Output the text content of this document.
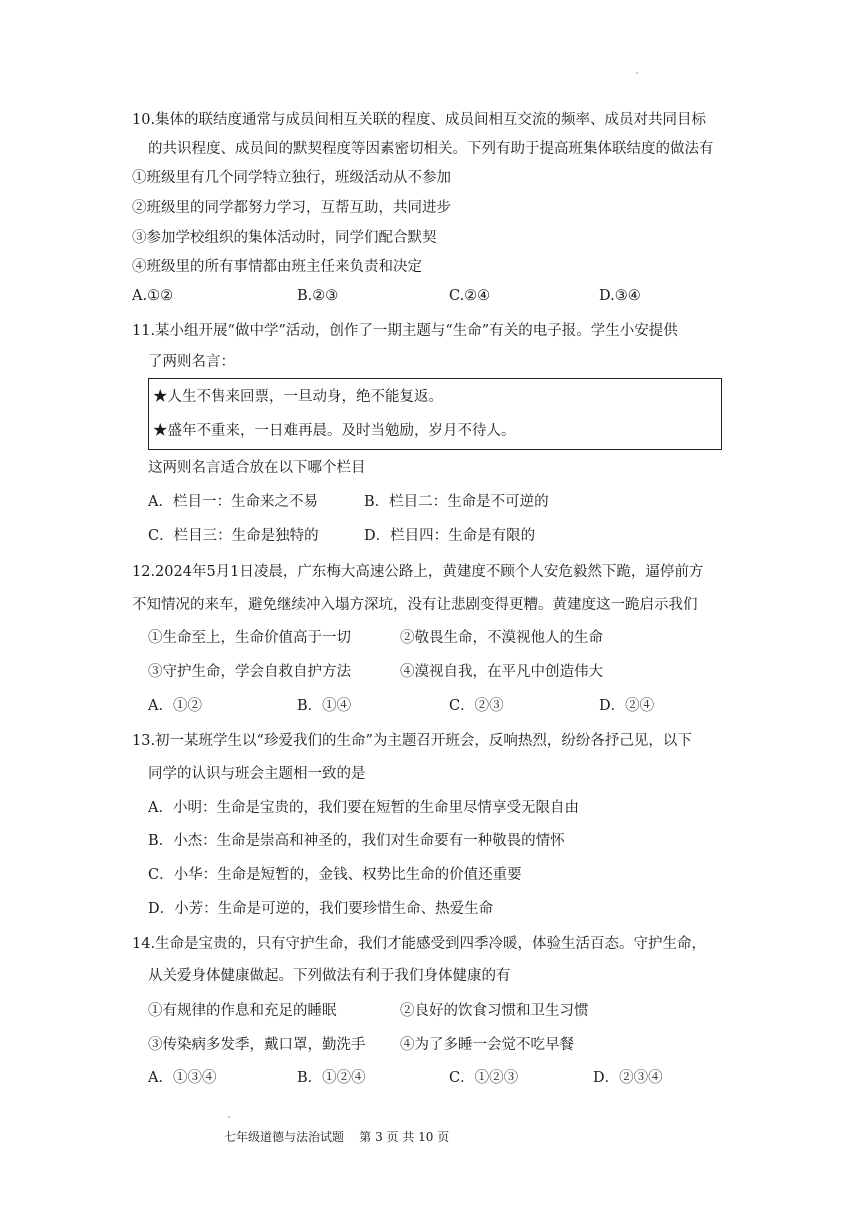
10.集体的联结度通常与成员间相互关联的程度、成员间相互交流的频率、成员对共同目标
的共识程度、成员间的默契程度等因素密切相关。下列有助于提高班集体联结度的做法有
①班级里有几个同学特立独行，班级活动从不参加
②班级里的同学都努力学习，互帮互助，共同进步
③参加学校组织的集体活动时，同学们配合默契
④班级里的所有事情都由班主任来负责和决定
A.①②	B.②③	C.②④	D.③④
11.某小组开展“做中学”活动，创作了一期主题与“生命”有关的电子报。学生小安提供
了两则名言：
★人生不售来回票，一旦动身，绝不能复返。
★盛年不重来，一日难再晨。及时当勉励，岁月不待人。
这两则名言适合放在以下哪个栏目
A．栏目一：生命来之不易	B．栏目二：生命是不可逆的
C．栏目三：生命是独特的	D．栏目四：生命是有限的
12.2024年5月1日凌晨，广东梅大高速公路上，黄建度不顾个人安危毅然下跪，逼停前方
不知情况的来车，避免继续冲入塌方深坑，没有让悲剧变得更糟。黄建度这一跪启示我们
①生命至上，生命价值高于一切	②敬畏生命，不漠视他人的生命
③守护生命，学会自救自护方法	④漠视自我，在平凡中创造伟大
A．①②	B．①④	C．②③	D．②④
13.初一某班学生以“珍爱我们的生命”为主题召开班会，反响热烈，纷纷各抒己见，以下
同学的认识与班会主题相一致的是
A．小明：生命是宝贵的，我们要在短暂的生命里尽情享受无限自由
B．小杰：生命是崇高和神圣的，我们对生命要有一种敬畏的情怀
C．小华：生命是短暂的，金钱、权势比生命的价值还重要
D．小芳：生命是可逆的，我们要珍惜生命、热爱生命
14.生命是宝贵的，只有守护生命，我们才能感受到四季冷暖，体验生活百态。守护生命，
从关爱身体健康做起。下列做法有利于我们身体健康的有
①有规律的作息和充足的睡眠	②良好的饮食习惯和卫生习惯
③传染病多发季，戴口罩，勤洗手 ④为了多睡一会觉不吃早餐
A．①③④	B．①②④	C．①②③	D．②③④
七年级道德与法治试题 第 3 页 共 10 页
